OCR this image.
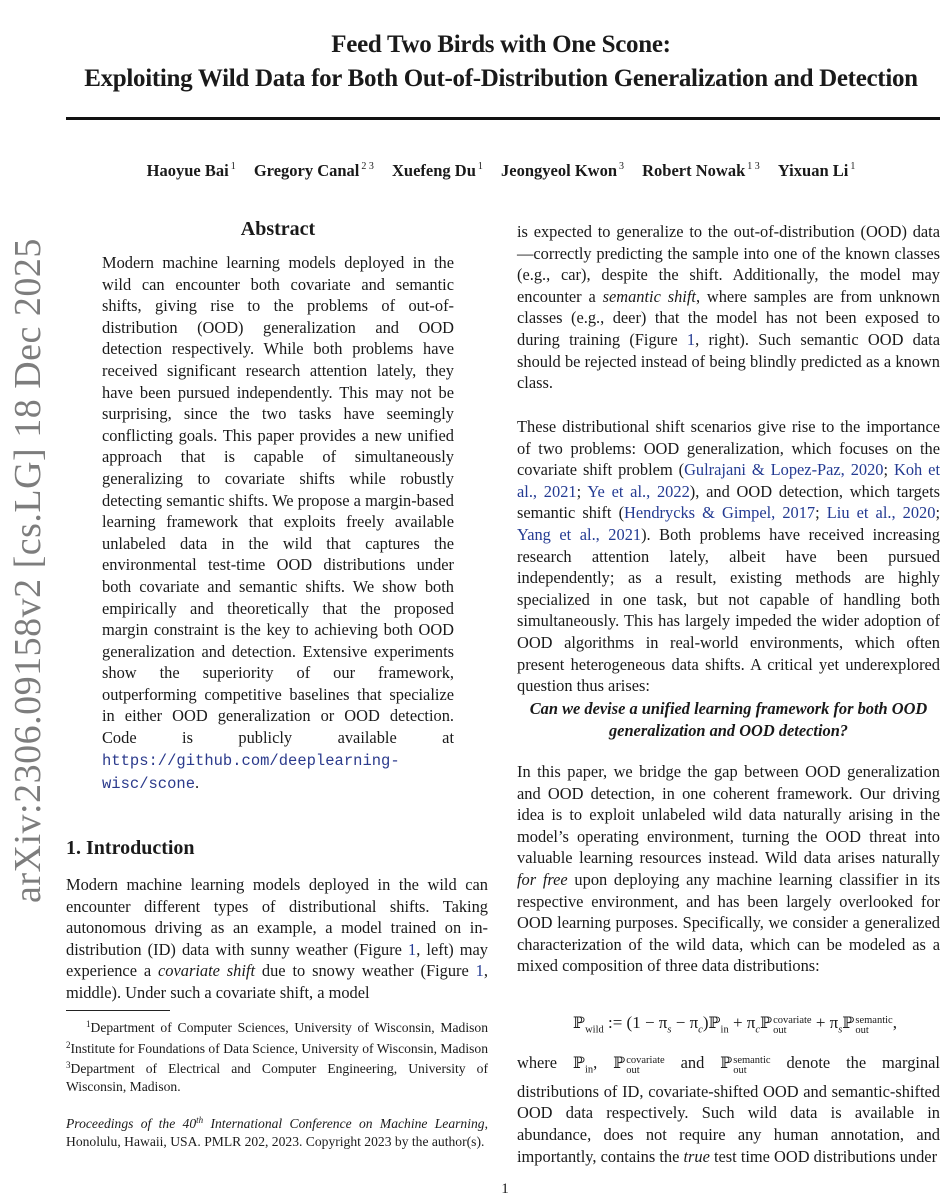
arXiv:2306.09158v2 [cs.LG] 18 Dec 2025
Feed Two Birds with One Scone:
Exploiting Wild Data for Both Out-of-Distribution Generalization and Detection
Haoyue Bai $^1$ Gregory Canal $^{2 3}$ Xuefeng Du $^1$ Jeongyeol Kwon $^3$ Robert Nowak $^{1 3}$ Yixuan Li $^1$
Abstract
Modern machine learning models deployed in the wild can encounter both covariate and semantic shifts, giving rise to the problems of out-of-distribution (OOD) generalization and OOD detection respectively. While both problems have received significant research attention lately, they have been pursued independently. This may not be surprising, since the two tasks have seemingly conflicting goals. This paper provides a new unified approach that is capable of simultaneously generalizing to covariate shifts while robustly detecting semantic shifts. We propose a margin-based learning framework that exploits freely available unlabeled data in the wild that captures the environmental test-time OOD distributions under both covariate and semantic shifts. We show both empirically and theoretically that the proposed margin constraint is the key to achieving both OOD generalization and detection. Extensive experiments show the superiority of our framework, outperforming competitive baselines that specialize in either OOD generalization or OOD detection. Code is publicly available at https://github.com/deeplearning-wisc/scone.
1. Introduction
Modern machine learning models deployed in the wild can encounter different types of distributional shifts. Taking autonomous driving as an example, a model trained on in-distribution (ID) data with sunny weather (Figure 1, left) may experience a covariate shift due to snowy weather (Figure 1, middle). Under such a covariate shift, a model

$^1$Department of Computer Sciences, University of Wisconsin, Madison $^2$Institute for Foundations of Data Science, University of Wisconsin, Madison $^3$Department of Electrical and Computer Engineering, University of Wisconsin, Madison.

Proceedings of the 40th International Conference on Machine Learning, Honolulu, Hawaii, USA. PMLR 202, 2023. Copyright 2023 by the author(s).

is expected to generalize to the out-of-distribution (OOD) data—correctly predicting the sample into one of the known classes (e.g., car), despite the shift. Additionally, the model may encounter a semantic shift, where samples are from unknown classes (e.g., deer) that the model has not been exposed to during training (Figure 1, right). Such semantic OOD data should be rejected instead of being blindly predicted as a known class.
These distributional shift scenarios give rise to the importance of two problems: OOD generalization, which focuses on the covariate shift problem (Gulrajani & Lopez-Paz, 2020; Koh et al., 2021; Ye et al., 2022), and OOD detection, which targets semantic shift (Hendrycks & Gimpel, 2017; Liu et al., 2020; Yang et al., 2021). Both problems have received increasing research attention lately, albeit have been pursued independently; as a result, existing methods are highly specialized in one task, but not capable of handling both simultaneously. This has largely impeded the wider adoption of OOD algorithms in real-world environments, which often present heterogeneous data shifts. A critical yet underexplored question thus arises:
Can we devise a unified learning framework for both OOD generalization and OOD detection?
In this paper, we bridge the gap between OOD generalization and OOD detection, in one coherent framework. Our driving idea is to exploit unlabeled wild data naturally arising in the model’s operating environment, turning the OOD threat into valuable learning resources instead. Wild data arises naturally for free upon deploying any machine learning classifier in its respective environment, and has been largely overlooked for OOD learning purposes. Specifically, we consider a generalized characterization of the wild data, which can be modeled as a mixed composition of three data distributions:
ℙ$_{wild}$ := ($1 - \pi_s$ − $\pi_c)ℙ_{in}$ + $\pi_cℙ$ covariate
out	+ $\pi_sℙ$ semantic
out	,
where ℙ$_{in}$, ℙ covariate
out	and ℙ semantic
out	denote the marginal distributions of ID, covariate-shifted OOD and semantic-shifted OOD data respectively. Such wild data is available in abundance, does not require any human annotation, and importantly, contains the true test time OOD distributions under
1
